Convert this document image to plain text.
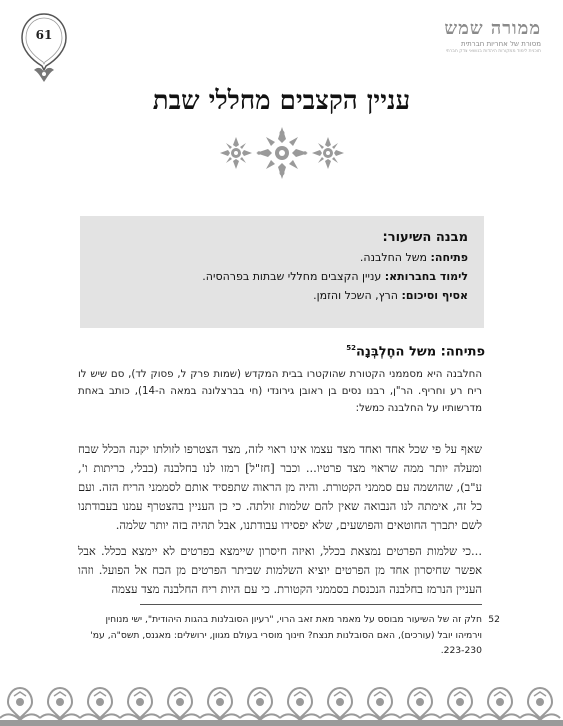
61	ממורה שמש
מסורת של אחריות חברתית
תוכנית לימוד ממקורות היהדות בנושאי צדק חברתי
עניין הקצבים מחללי שבת
מבנה השיעור:
פתיחה: משל החלבנה.
לימוד בחברותא: עניין הקצבים מחללי שבתות בפרהסיה.
אסיף וסיכום: הרץ, השכל והזמן.
פתיחה: משל החֶלְבְּנָה$^{52}$
החלבנה היא מסממני הקטורת שהוקטרו בבית המקדש (שמות פרק ל, פסוק לד), סם שיש לו ריח רע וחריף. הר"ן, רבנו נסים בן ראובן גירונדי (חי בברצלונה במאה ה-14), כותב באחת מדרשותיו על החלבנה כמשל:
שאף על פי שכל אחד ואחד מצד עצמו אינו ראוי לזה, מצד הצטרפו לזולתו יקנה הכלל שבח ומעלה יותר ממה שראוי מצד פרטיו... וכבר [חז"ל] רמזו לנו בחלבנה (בבלי, כריתות ו', ע"ב), שהושמה עם סממני הקטורת. והיה מן הראוה שתפסיד אותם לסממני הריח הזה. ועם כל זה, אימתה לנו הנבואה שאין להם שלמות זולתה. כי כן העניין בהצטרף עמנו בעבודתנו לשם יתברך החוטאים והפושעים, שלא יפסידו עבודתנו, אבל תהיה בזה יותר שלמה.
...כי שלמות הפרטים נמצאת בכלל, ואיזה חיסרון שיימצא בפרטים לא יימצא בכלל. אבל אפשר שחיסרון אחד מן הפרטים יוציא השלמות שביתר הפרטים מן הכח אל הפועל. וזהו העניין הנרמז בחלבנה הנכנסת בסממני הקטורת. כי עם היות ריח החלבנה מצד עצמה
52
חלק זה של השיעור מבוסס על מאמר מאת זאב הרוי, "רעיון הסובלנות בהגות היהודית", ישי מנוחין וירמיהו יובל (עורכים), האם הסובלנות תנצח? חינוך מוסרי בעולם מגוון, ירושלים: מאגנס, תשס"ה, עמ' 223-230.
